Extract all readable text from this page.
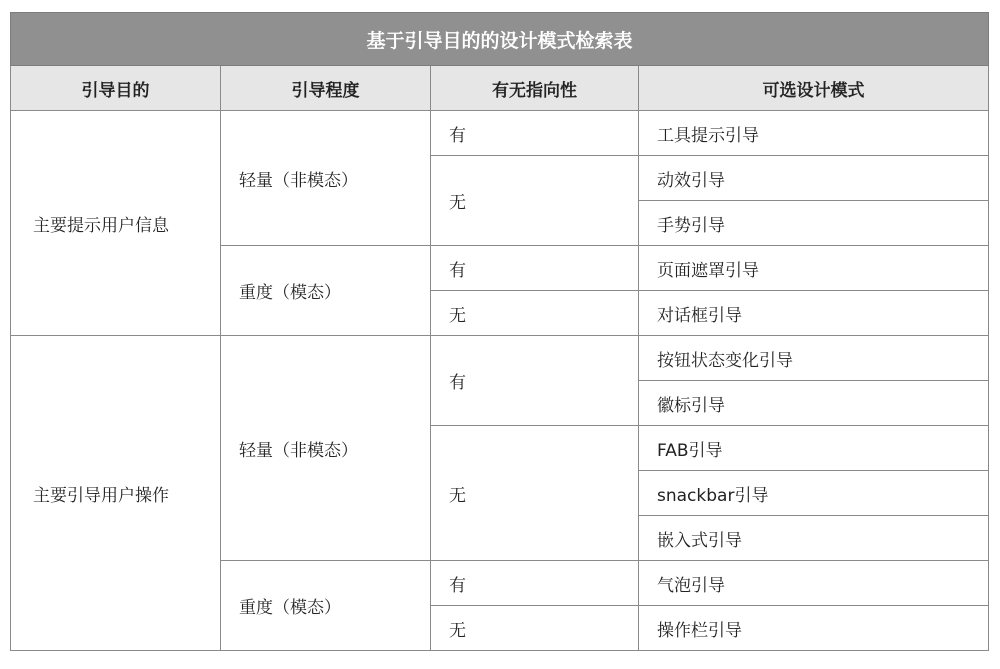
基于引导目的的设计模式检索表			
引导目的	引导程度	有无指向性	可选设计模式
主要提示用户信息	轻量（非模态）	有	工具提示引导
		无	动效引导
			手势引导
	重度（模态）	有	页面遮罩引导
		无	对话框引导
主要引导用户操作	轻量（非模态）	有	按钮状态变化引导
			徽标引导
		无	FAB引导
			snackbar引导
			嵌入式引导
	重度（模态）	有	气泡引导
		无	操作栏引导
